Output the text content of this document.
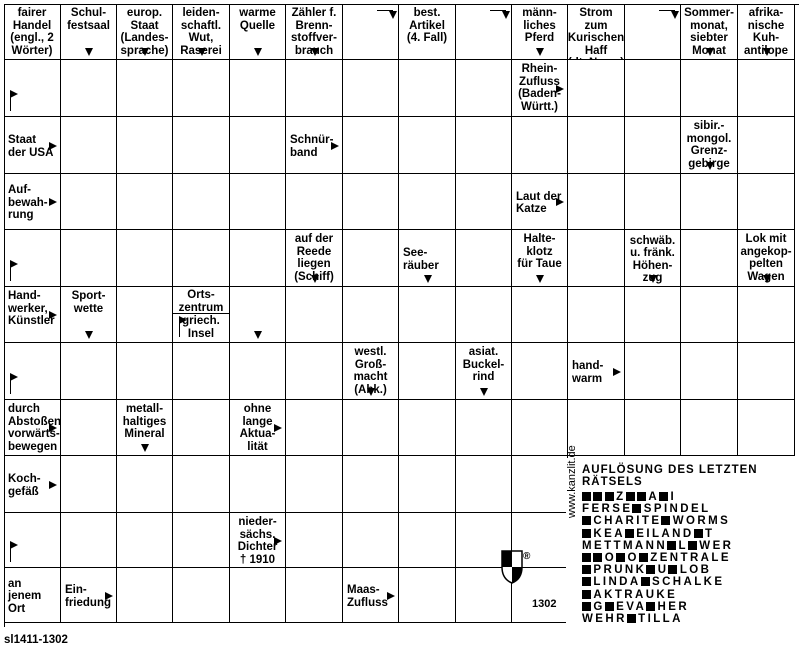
fairer
Handel
(engl., 2
Wörter)
Schul-
festsaal
europ.
Staat
(Landes-
sprache)
leiden-
schaftl.
Wut,
Raserei
warme
Quelle
Zähler f.
Brenn-
stoffver-
brauch
best.
Artikel
(4. Fall)
männ-
liches
Pferd
Strom zum
Kurischen
Haff

Sommer-
monat,
siebter
Monat
afrika-
nische
Kuh-
antilope
Rhein-
Zufluss
(Baden-
Württ.)
Staat
der USA
Schnür-
band
sibir.-
mongol.
Grenz-
gebirge
Auf-
bewah-
rung
Laut der
Katze
auf der
Reede
liegen
(Schiff)
See-
räuber
Halte-
klotz
für Taue
schwäb.
u. fränk.
Höhen-
zug
Lok mit
angekop-
pelten
Wagen
Hand-
werker,
Künstler
Sport-
wette
Orts-
zentrum
griech.
Insel
westl.
Groß-
macht
(Abk.)
asiat.
Buckel-
rind
hand-
warm
durch
Abstoßen
vorwärts-
bewegen
metall-
haltiges
Mineral
ohne
lange
Aktua-
lität
Koch-
gefäß
nieder-
sächs.
Dichter
† 1910
an
jenem
Ort
Ein-
friedung
Maas-
Zufluss
AUFLÖSUNG DES LETZTEN
RÄTSELS
www.kanzlit.de	Z A I
FERSE SPINDEL
CHARITE WORMS
KEA EILAND T
METTMANN L WER
O O ZENTRALE
PRUNK U LOB
LINDA SCHALKE
AKTRAUKE
G EVA HER
WEHR TILLA
®
1302
sl1411-1302
